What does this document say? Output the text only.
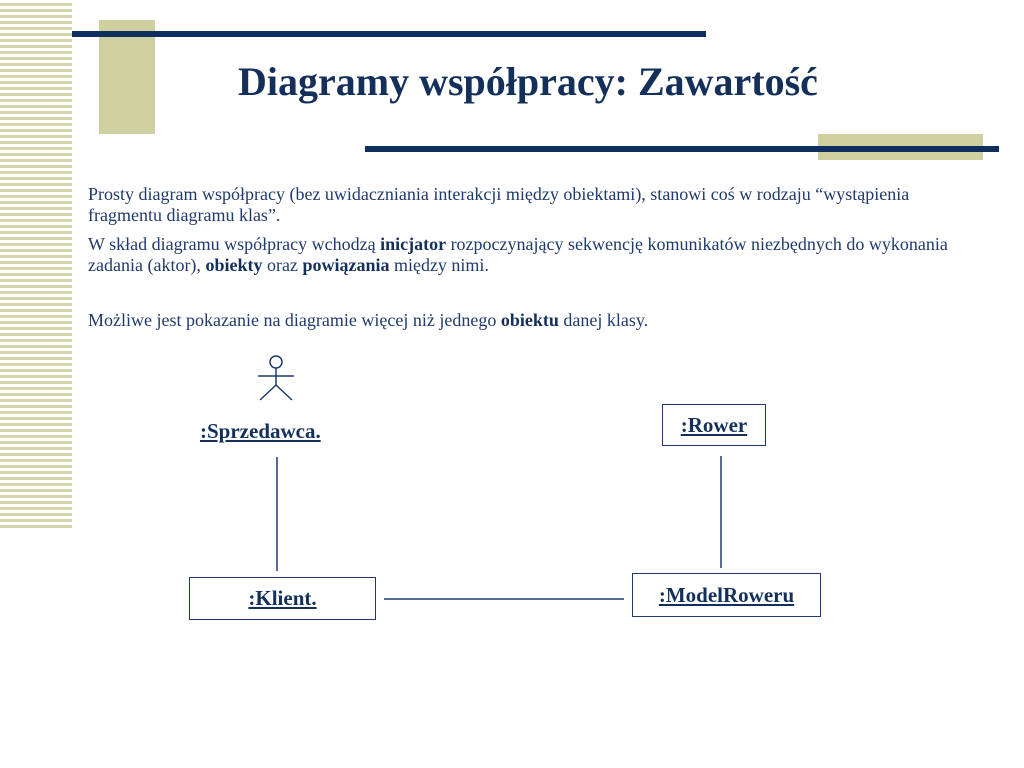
Diagramy współpracy: Zawartość

Prosty diagram współpracy (bez uwidaczniania interakcji między obiektami), stanowi coś w rodzaju “wystąpienia fragmentu diagramu klas”.

W skład diagramu współpracy wchodzą inicjator rozpoczynający sekwencję komunikatów niezbędnych do wykonania zadania (aktor), obiekty oraz powiązania między nimi.

Możliwe jest pokazanie na diagramie więcej niż jednego obiektu danej klasy.

:Sprzedawca.	:Rower
:Klient.	:ModelRoweru
